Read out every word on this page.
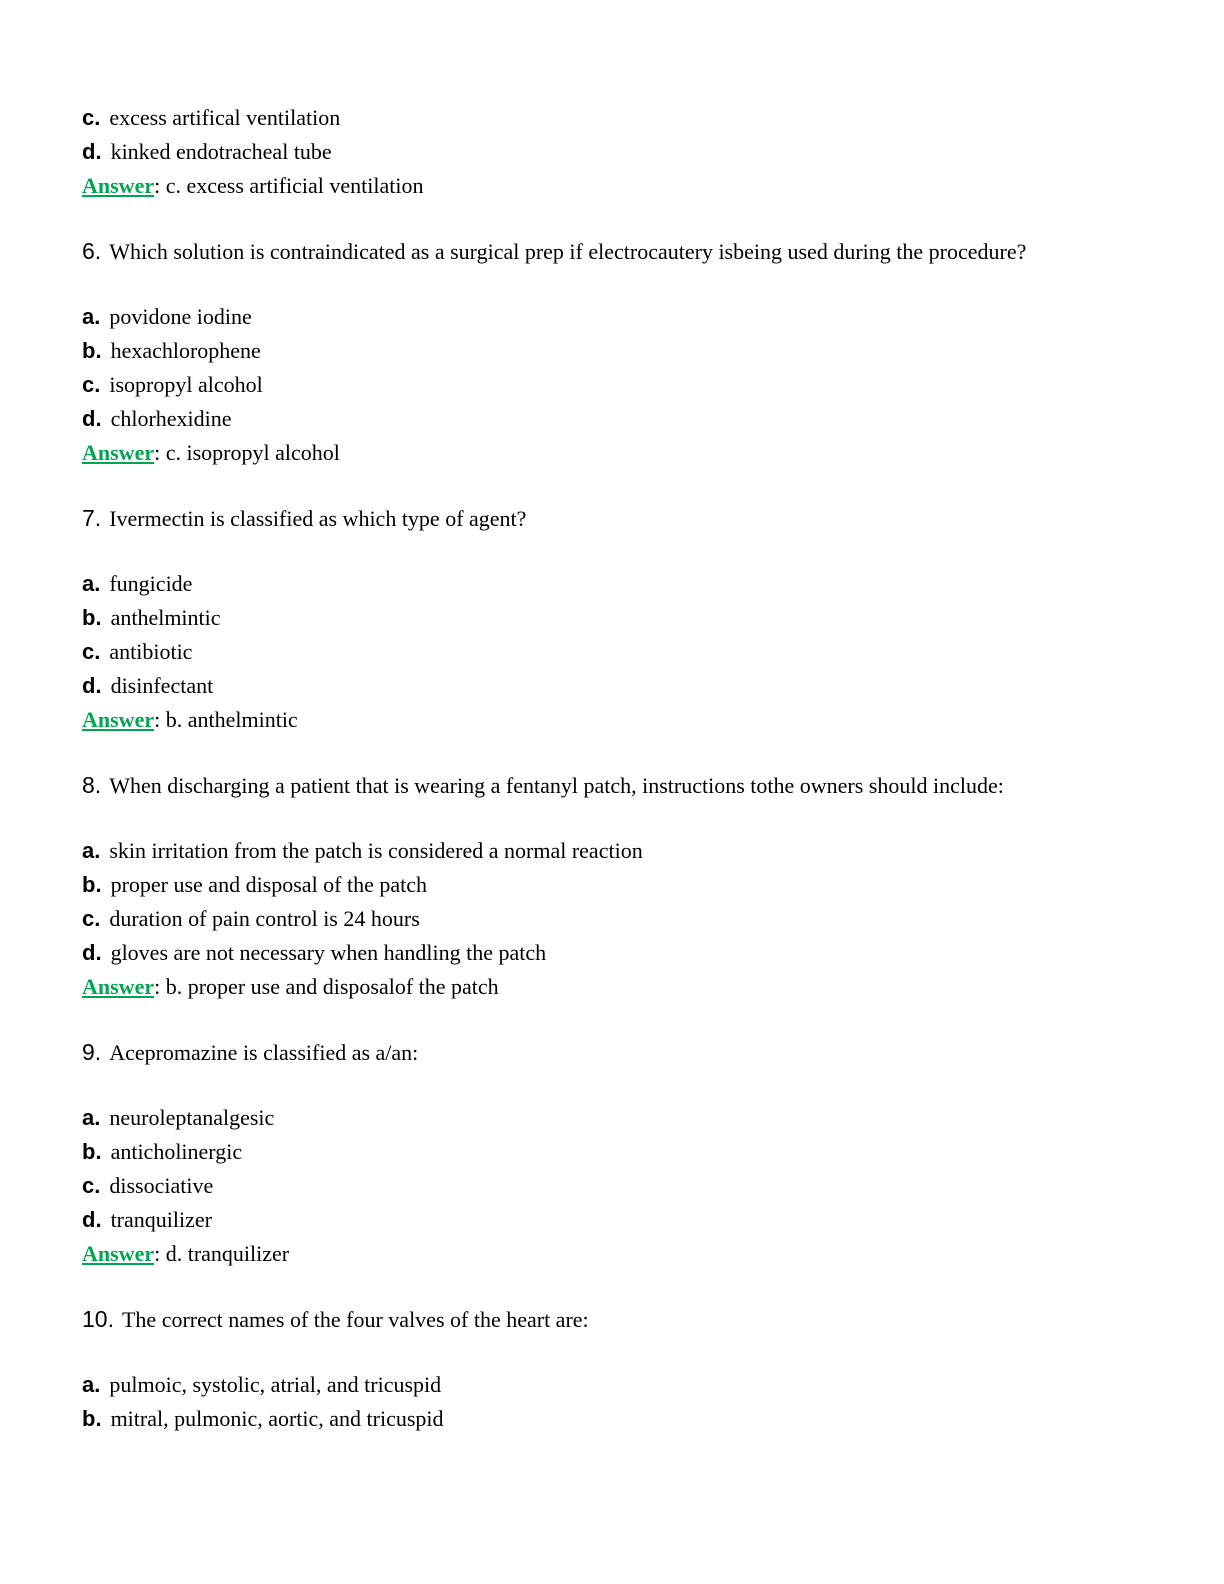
c. excess artifical ventilation
d. kinked endotracheal tube
Answer: c. excess artificial ventilation
6. Which solution is contraindicated as a surgical prep if electrocautery isbeing used during the procedure?
a. povidone iodine
b. hexachlorophene
c. isopropyl alcohol
d. chlorhexidine
Answer: c. isopropyl alcohol
7. Ivermectin is classified as which type of agent?
a. fungicide
b. anthelmintic
c. antibiotic
d. disinfectant
Answer: b. anthelmintic
8. When discharging a patient that is wearing a fentanyl patch, instructions tothe owners should include:
a. skin irritation from the patch is considered a normal reaction
b. proper use and disposal of the patch
c. duration of pain control is 24 hours
d. gloves are not necessary when handling the patch
Answer: b. proper use and disposalof the patch
9. Acepromazine is classified as a/an:
a. neuroleptanalgesic
b. anticholinergic
c. dissociative
d. tranquilizer
Answer: d. tranquilizer
10. The correct names of the four valves of the heart are:
a. pulmoic, systolic, atrial, and tricuspid
b. mitral, pulmonic, aortic, and tricuspid
